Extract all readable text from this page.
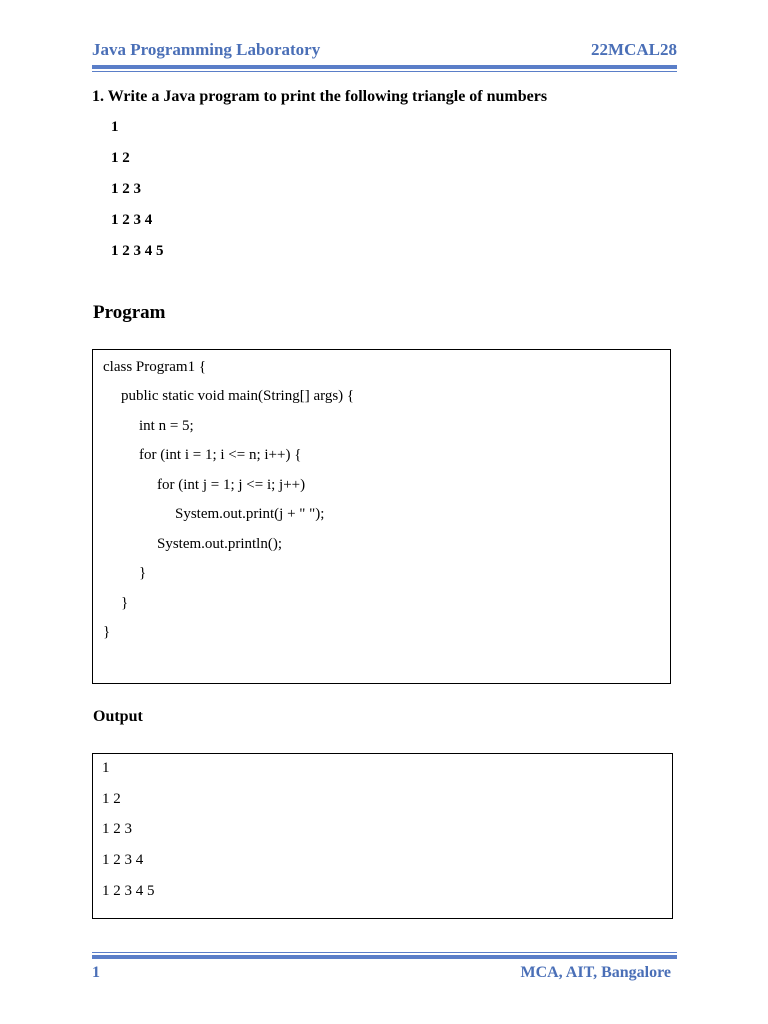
Java Programming Laboratory	22MCAL28
1. Write a Java program to print the following triangle of numbers
1
1 2
1 2 3
1 2 3 4
1 2 3 4 5
Program
class Program1 {
public static void main(String[] args) {
int n = 5;
for (int i = 1; i <= n; i++) {
for (int j = 1; j <= i; j++)
System.out.print(j + " ");
System.out.println();
}
}
}
Output
1
1 2
1 2 3
1 2 3 4
1 2 3 4 5
1	MCA, AIT, Bangalore
